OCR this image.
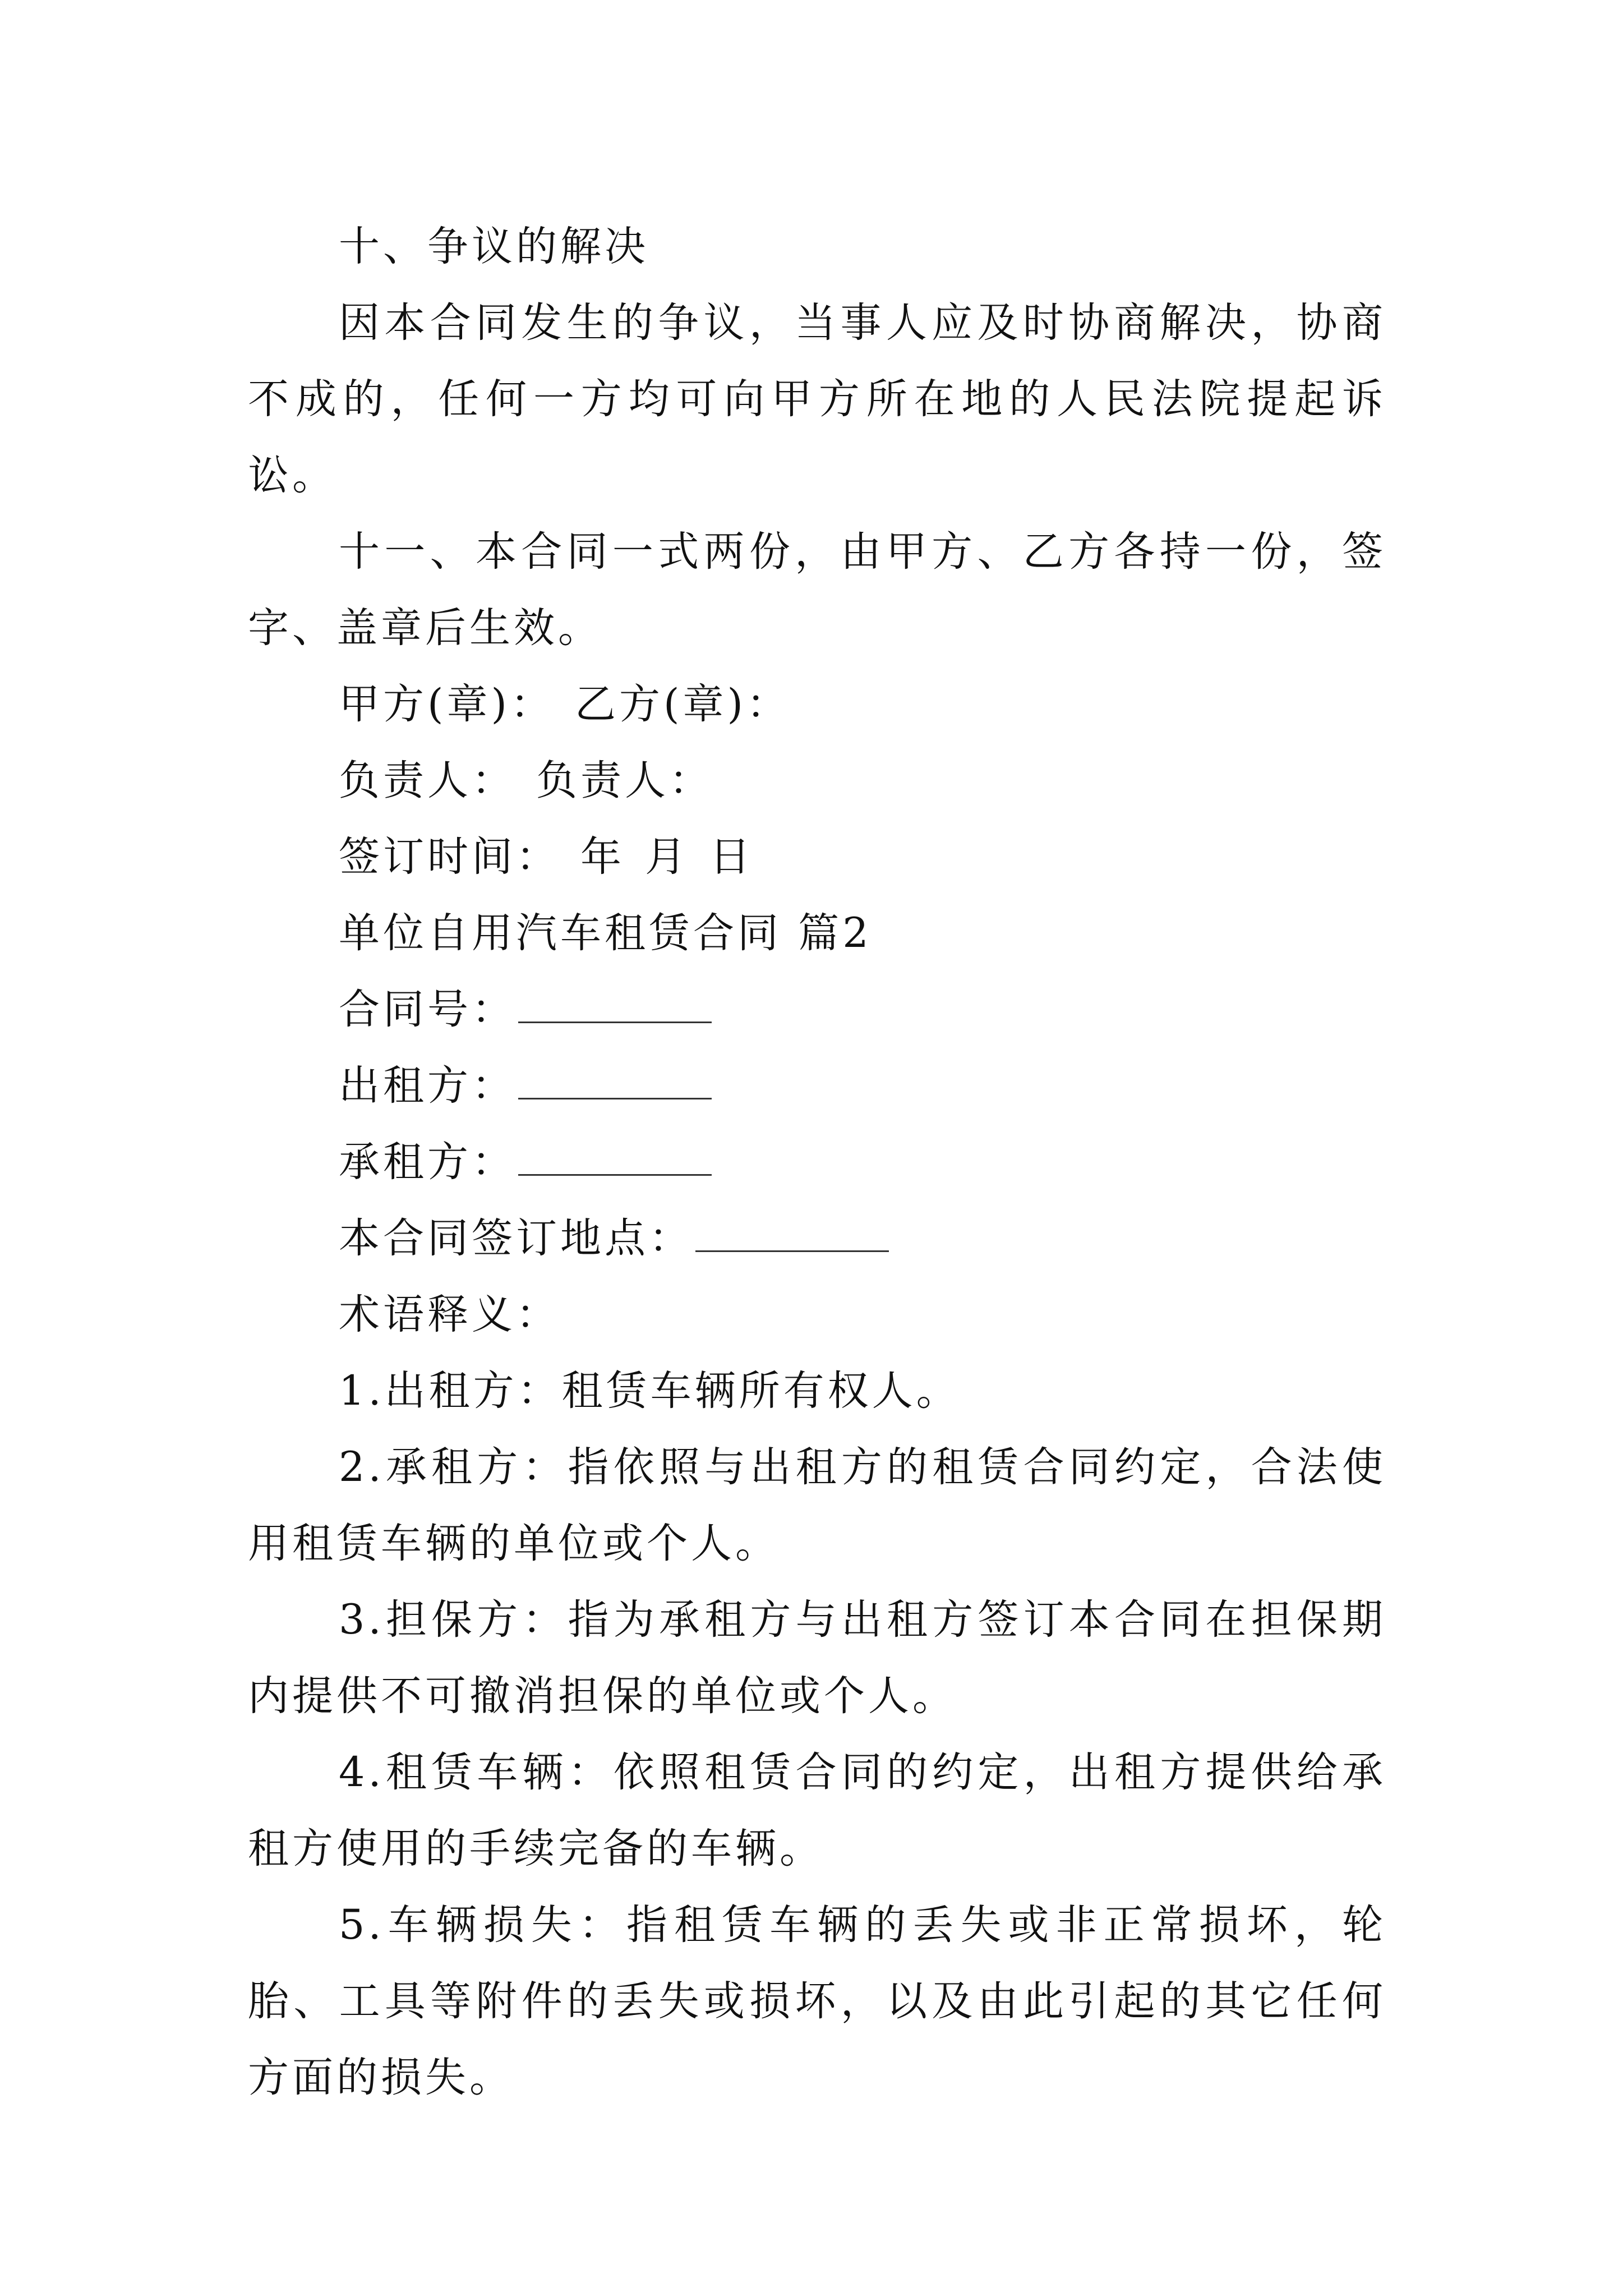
十、争议的解决
因本合同发生的争议，当事人应及时协商解决，协商不成的，任何一方均可向甲方所在地的人民法院提起诉讼。
十一、本合同一式两份，由甲方、乙方各持一份，签字、盖章后生效。
甲方(章)： 乙方(章)：
负责人： 负责人：
签订时间： 年 月 日
单位自用汽车租赁合同 篇2
合同号：
出租方：
承租方：
本合同签订地点：
术语释义：
1.出租方：租赁车辆所有权人。
2.承租方：指依照与出租方的租赁合同约定，合法使用租赁车辆的单位或个人。
3.担保方：指为承租方与出租方签订本合同在担保期内提供不可撤消担保的单位或个人。
4.租赁车辆：依照租赁合同的约定，出租方提供给承租方使用的手续完备的车辆。
5.车辆损失：指租赁车辆的丢失或非正常损坏，轮胎、工具等附件的丢失或损坏，以及由此引起的其它任何方面的损失。
